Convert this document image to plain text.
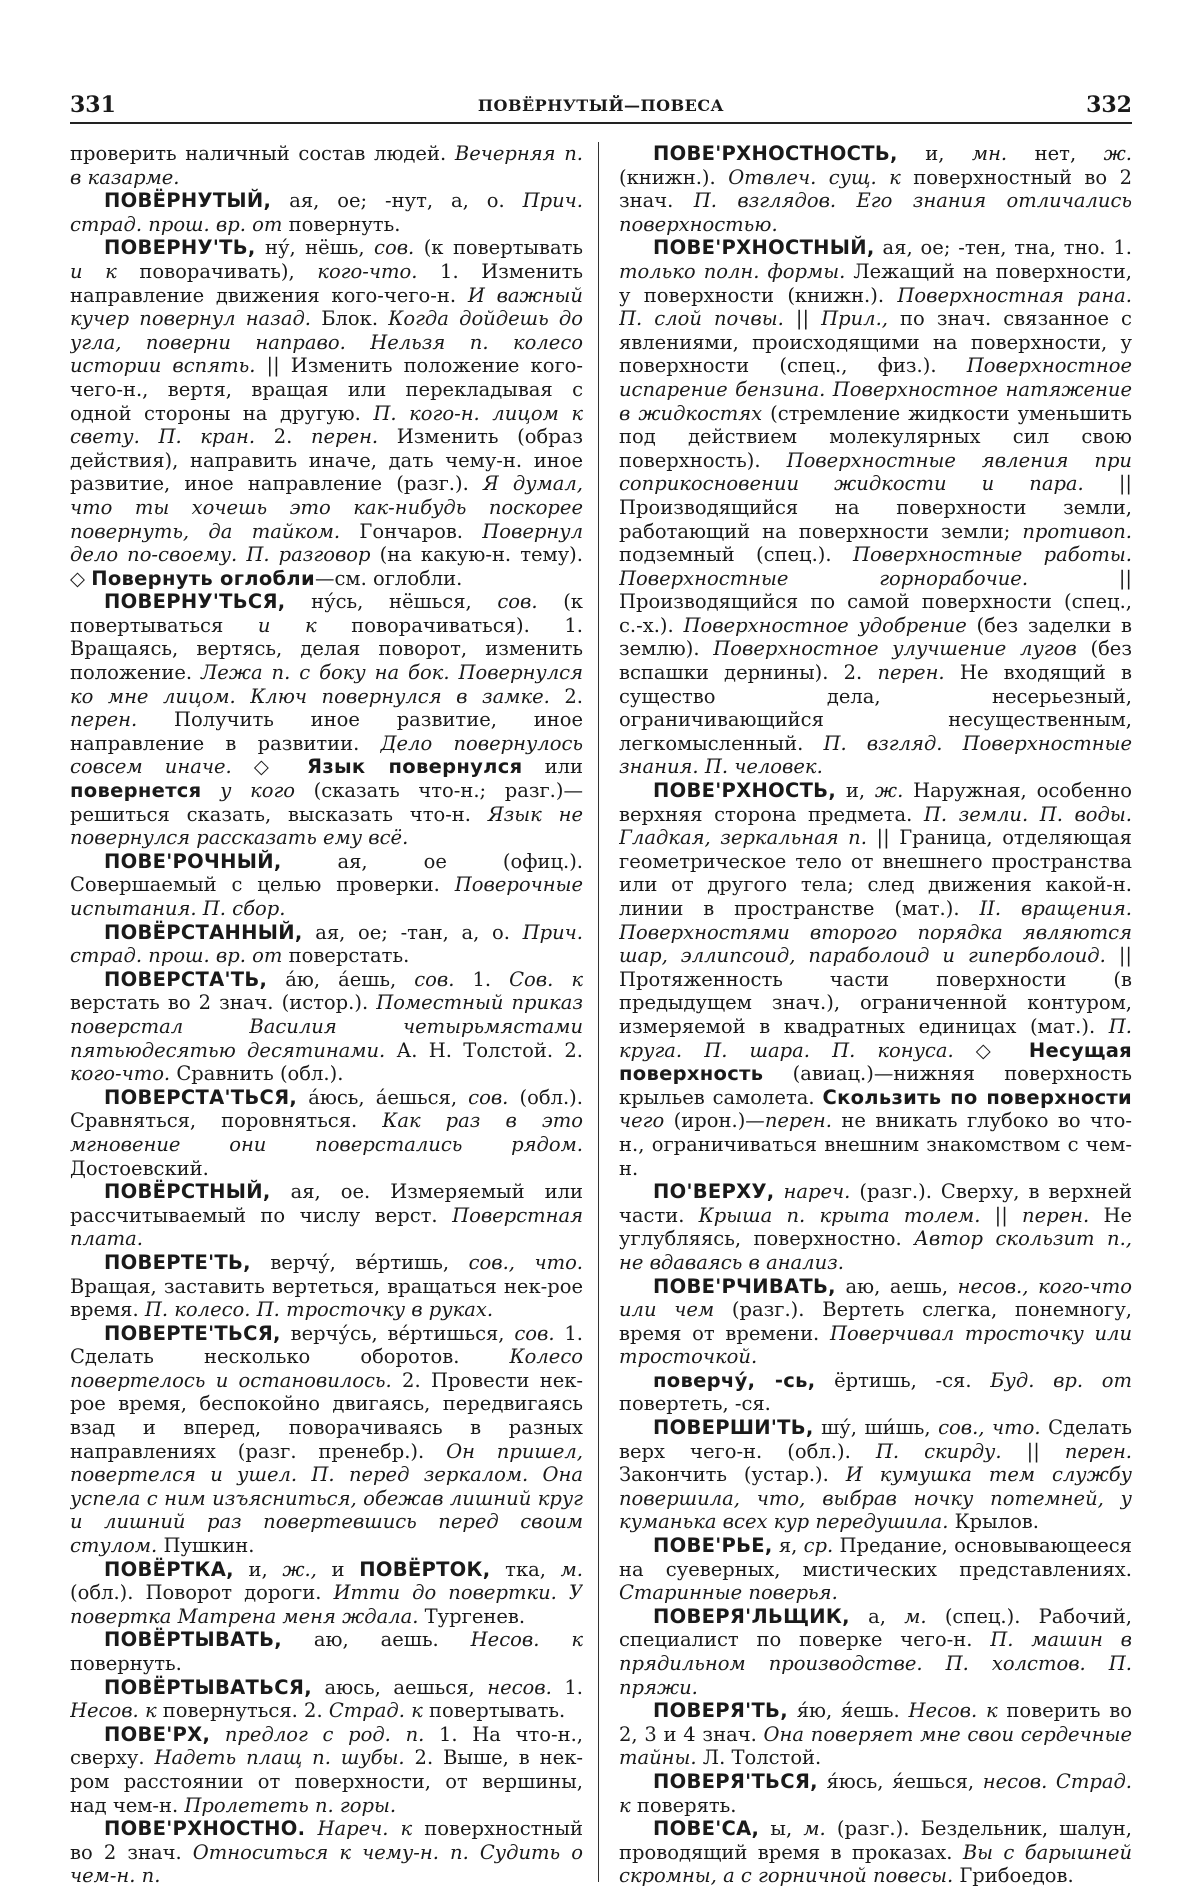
331	ПОВЁРНУТЫЙ—ПОВЕСА	332

проверить наличный состав людей. Вечерняя п. в казарме.

ПОВЁРНУТЫЙ, ая, ое; -нут, а, о. Прич. страд. прош. вр. от повернуть.

ПОВЕРНУ'ТЬ, ну́, нёшь, сов. (к повертывать и к поворачивать), кого-что. 1. Изменить направление движения кого-чего-н. И важный кучер повернул назад. Блок. Когда дойдешь до угла, поверни направо. Нельзя п. колесо истории вспять. || Изменить положение кого-чего-н., вертя, вращая или перекладывая с одной стороны на другую. П. кого-н. лицом к свету. П. кран. 2. перен. Изменить (образ действия), направить иначе, дать чему-н. иное развитие, иное направление (разг.). Я думал, что ты хочешь это как-нибудь поскорее повернуть, да тайком. Гончаров. Повернул дело по-своему. П. разговор (на какую-н. тему). ◇ Повернуть оглобли—см. оглобли.

ПОВЕРНУ'ТЬСЯ, ну́сь, нёшься, сов. (к повертываться и к поворачиваться). 1. Вращаясь, вертясь, делая поворот, изменить положение. Лежа п. с боку на бок. Повернулся ко мне лицом. Ключ повернулся в замке. 2. перен. Получить иное развитие, иное направление в развитии. Дело повернулось совсем иначе. ◇ Язык повернулся или повернется у кого (сказать что-н.; разг.)—решиться сказать, высказать что-н. Язык не повернулся рассказать ему всё.

ПОВЕ'РОЧНЫЙ, ая, ое (офиц.). Совершаемый с целью проверки. Поверочные испытания. П. сбор.

ПОВЁРСТАННЫЙ, ая, ое; -тан, а, о. Прич. страд. прош. вр. от поверстать.

ПОВЕРСТА'ТЬ, а́ю, а́ешь, сов. 1. Сов. к верстать во 2 знач. (истор.). Поместный приказ поверстал Василия четырьмястами пятьюдесятью десятинами. А. Н. Толстой. 2. кого-что. Сравнить (обл.).

ПОВЕРСТА'ТЬСЯ, а́юсь, а́ешься, сов. (обл.). Сравняться, поровняться. Как раз в это мгновение они поверстались рядом. Достоевский.

ПОВЁРСТНЫЙ, ая, ое. Измеряемый или рассчитываемый по числу верст. Поверстная плата.

ПОВЕРТЕ'ТЬ, верчу́, ве́ртишь, сов., что. Вращая, заставить вертеться, вращаться нек-рое время. П. колесо. П. тросточку в руках.

ПОВЕРТЕ'ТЬСЯ, верчу́сь, ве́ртишься, сов. 1. Сделать несколько оборотов. Колесо повертелось и остановилось. 2. Провести нек-рое время, беспокойно двигаясь, передвигаясь взад и вперед, поворачиваясь в разных направлениях (разг. пренебр.). Он пришел, повертелся и ушел. П. перед зеркалом. Она успела с ним изъясниться, обежав лишний круг и лишний раз повертевшись перед своим стулом. Пушкин.

ПОВЁРТКА, и, ж., и ПОВЁРТОК, тка, м. (обл.). Поворот дороги. Итти до повертки. У повертка Матрена меня ждала. Тургенев.

ПОВЁРТЫВАТЬ, аю, аешь. Несов. к повернуть.

ПОВЁРТЫВАТЬСЯ, аюсь, аешься, несов. 1. Несов. к повернуться. 2. Страд. к повертывать.

ПОВЕ'РХ, предлог с род. п. 1. На что-н., сверху. Надеть плащ п. шубы. 2. Выше, в нек-ром расстоянии от поверхности, от вершины, над чем-н. Пролететь п. горы.

ПОВЕ'РХНОСТНО. Нареч. к поверхностный во 2 знач. Относиться к чему-н. п. Судить о чем-н. п.

ПОВЕ'РХНОСТНОСТЬ, и, мн. нет, ж. (книжн.). Отвлеч. сущ. к поверхностный во 2 знач. П. взглядов. Его знания отличались поверхностью.

ПОВЕ'РХНОСТНЫЙ, ая, ое; -тен, тна, тно. 1. только полн. формы. Лежащий на поверхности, у поверхности (книжн.). Поверхностная рана. П. слой почвы. || Прил., по знач. связанное с явлениями, происходящими на поверхности, у поверхности (спец., физ.). Поверхностное испарение бензина. Поверхностное натяжение в жидкостях (стремление жидкости уменьшить под действием молекулярных сил свою поверхность). Поверхностные явления при соприкосновении жидкости и пара. || Производящийся на поверхности земли, работающий на поверхности земли; противоп. подземный (спец.). Поверхностные работы. Поверхностные горнорабочие. || Производящийся по самой поверхности (спец., с.-х.). Поверхностное удобрение (без заделки в землю). Поверхностное улучшение лугов (без вспашки дернины). 2. перен. Не входящий в существо дела, несерьезный, ограничивающийся несущественным, легкомысленный. П. взгляд. Поверхностные знания. П. человек.

ПОВЕ'РХНОСТЬ, и, ж. Наружная, особенно верхняя сторона предмета. П. земли. П. воды. Гладкая, зеркальная п. || Граница, отделяющая геометрическое тело от внешнего пространства или от другого тела; след движения какой-н. линии в пространстве (мат.). II. вращения. Поверхностями второго порядка являются шар, эллипсоид, параболоид и гиперболоид. || Протяженность части поверхности (в предыдущем знач.), ограниченной контуром, измеряемой в квадратных единицах (мат.). П. круга. П. шара. П. конуса. ◇ Несущая поверхность (авиац.)—нижняя поверхность крыльев самолета. Скользить по поверхности чего (ирон.)—перен. не вникать глубоко во что-н., ограничиваться внешним знакомством с чем-н.

ПО'ВЕРХУ, нареч. (разг.). Сверху, в верхней части. Крыша п. крыта толем. || перен. Не углубляясь, поверхностно. Автор скользит п., не вдаваясь в анализ.

ПОВЕ'РЧИВАТЬ, аю, аешь, несов., кого-что или чем (разг.). Вертеть слегка, понемногу, время от времени. Поверчивал тросточку или тросточкой.

поверчу́, -сь, ёртишь, -ся. Буд. вр. от повертеть, -ся.

ПОВЕРШИ'ТЬ, шу́, ши́шь, сов., что. Сделать верх чего-н. (обл.). П. скирду. || перен. Закончить (устар.). И кумушка тем службу повершила, что, выбрав ночку потемней, у куманька всех кур передушила. Крылов.

ПОВЕ'РЬЕ, я, ср. Предание, основывающееся на суеверных, мистических представлениях. Старинные поверья.

ПОВЕРЯ'ЛЬЩИК, а, м. (спец.). Рабочий, специалист по поверке чего-н. П. машин в прядильном производстве. П. холстов. П. пряжи.

ПОВЕРЯ'ТЬ, я́ю, я́ешь. Несов. к поверить во 2, 3 и 4 знач. Она поверяет мне свои сердечные тайны. Л. Толстой.

ПОВЕРЯ'ТЬСЯ, я́юсь, я́ешься, несов. Страд. к поверять.

ПОВЕ'СА, ы, м. (разг.). Бездельник, шалун, проводящий время в проказах. Вы с барышней скромны, а с горничной повесы. Грибоедов.
